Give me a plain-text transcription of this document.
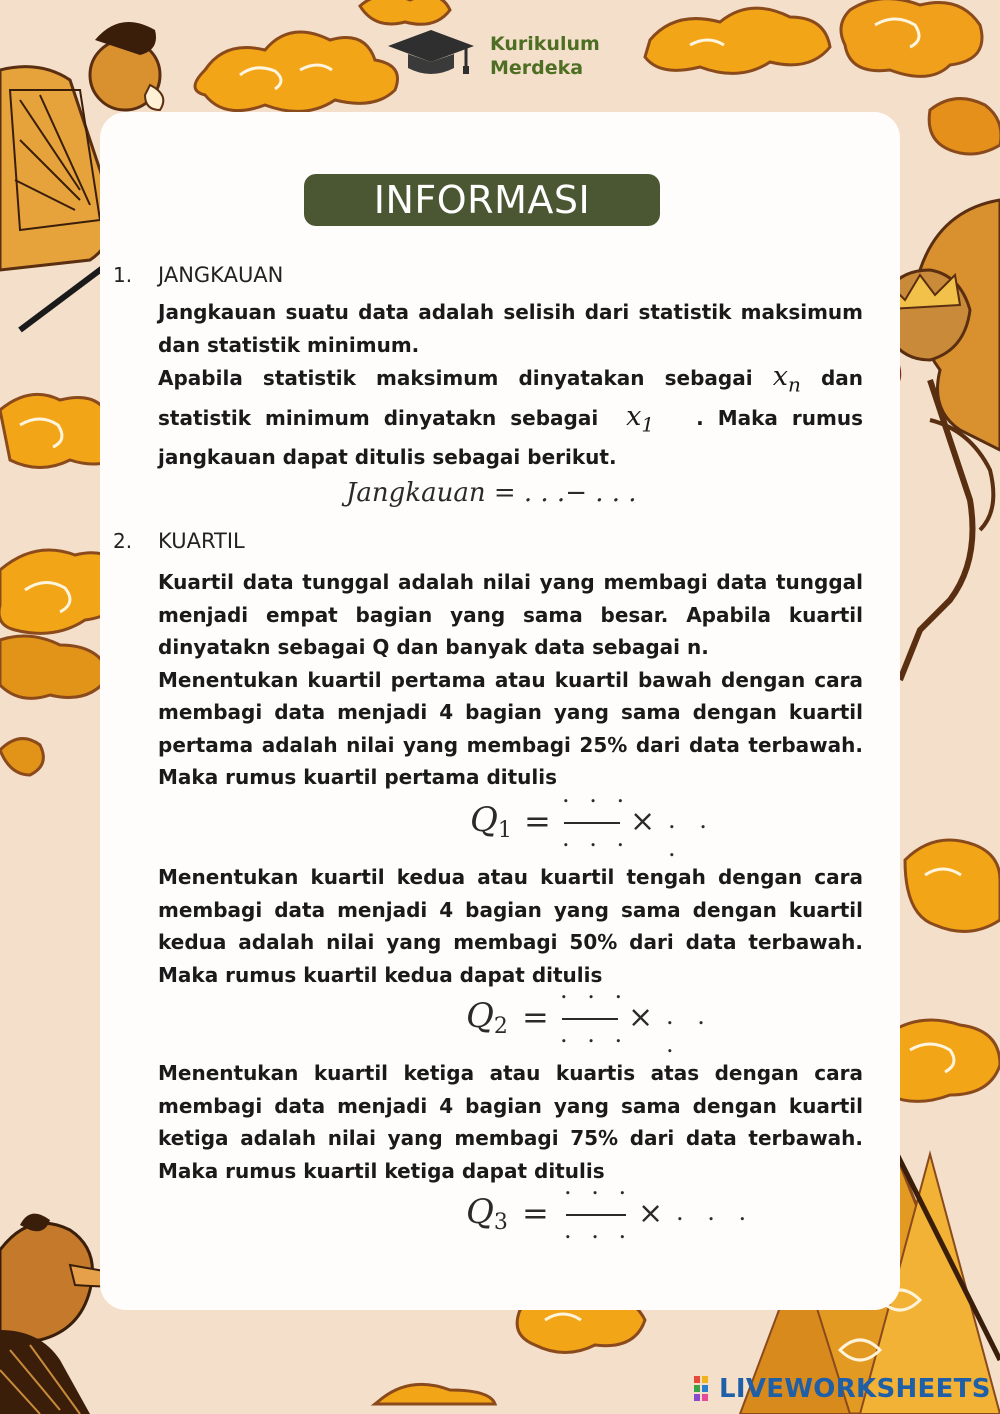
Kurikulum
Merdeka
INFORMASI
1. JANGKAUAN

Jangkauan suatu data adalah selisih dari statistik maksimum dan statistik minimum.

Apabila statistik maksimum dinyatakan sebagai $x_n$ dan statistik minimum dinyatakn sebagai $x_1$ . Maka rumus jangkauan dapat ditulis sebagai berikut.

Jangkauan = . . .− . . .
2. KUARTIL

Kuartil data tunggal adalah nilai yang membagi data tunggal menjadi empat bagian yang sama besar. Apabila kuartil dinyatakn sebagai Q dan banyak data sebagai n.

Menentukan kuartil pertama atau kuartil bawah dengan cara membagi data menjadi 4 bagian yang sama dengan kuartil pertama adalah nilai yang membagi 25% dari data terbawah. Maka rumus kuartil pertama ditulis

$Q_1$ =
. . .
. . . × . . .
Menentukan kuartil kedua atau kuartil tengah dengan cara membagi data menjadi 4 bagian yang sama dengan kuartil kedua adalah nilai yang membagi 50% dari data terbawah. Maka rumus kuartil kedua dapat ditulis
$Q_2$ =
. . .
. . . × . . .
Menentukan kuartil ketiga atau kuartis atas dengan cara membagi data menjadi 4 bagian yang sama dengan kuartil ketiga adalah nilai yang membagi 75% dari data terbawah. Maka rumus kuartil ketiga dapat ditulis
$Q_3$ =
. . .
. . . × . . .
LIVEWORKSHEETS
